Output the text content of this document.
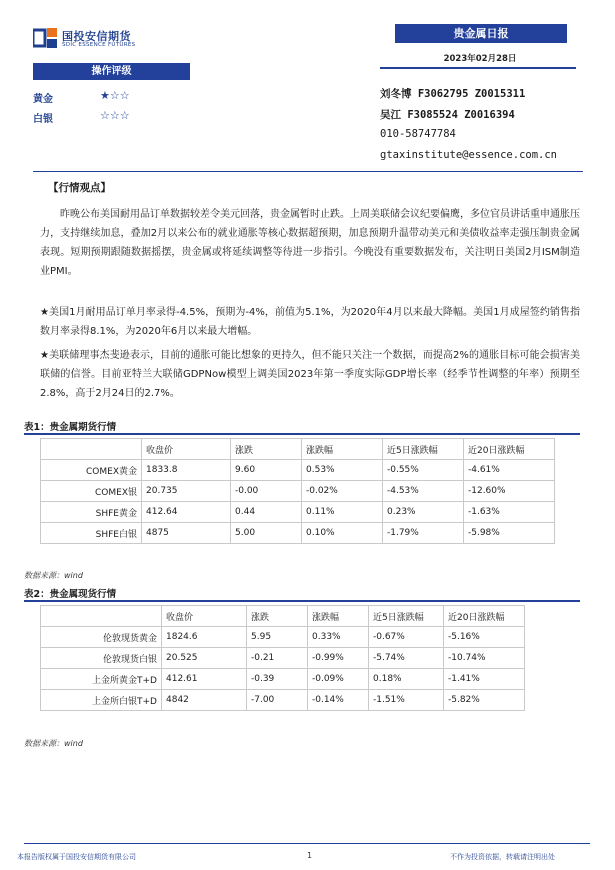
国投安信期货
SDIC ESSENCE FUTURES
贵金属日报
2023年02月28日
操作评级
黄金	★☆☆
白银	☆☆☆
刘冬博 F3062795 Z0015311
吴江 F3085524 Z0016394
010-58747784
gtaxinstitute@essence.com.cn
【行情观点】
昨晚公布美国耐用品订单数据较差令美元回落，贵金属暂时止跌。上周美联储会议纪要偏鹰，多位官员讲话重申通胀压力，支持继续加息，叠加2月以来公布的就业通胀等核心数据超预期，加息预期升温带动美元和美债收益率走强压制贵金属表现。短期预期跟随数据摇摆，贵金属或将延续调整等待进一步指引。今晚没有重要数据发布，关注明日美国2月ISM制造业PMI。
★美国1月耐用品订单月率录得-4.5%，预期为-4%，前值为5.1%，为2020年4月以来最大降幅。美国1月成屋签约销售指数月率录得8.1%，为2020年6月以来最大增幅。
★美联储理事杰斐逊表示，目前的通胀可能比想象的更持久，但不能只关注一个数据，而提高2%的通胀目标可能会损害美联储的信誉。目前亚特兰大联储GDPNow模型上调美国2023年第一季度实际GDP增长率（经季节性调整的年率）预期至2.8%，高于2月24日的2.7%。
表1：贵金属期货行情
	收盘价	涨跌	涨跌幅	近5日涨跌幅	近20日涨跌幅
COMEX黄金	1833.8	9.60	0.53%	-0.55%	-4.61%
COMEX银	20.735	-0.00	-0.02%	-4.53%	-12.60%
SHFE黄金	412.64	0.44	0.11%	0.23%	-1.63%
SHFE白银	4875	5.00	0.10%	-1.79%	-5.98%
数据来源：wind
表2：贵金属现货行情
	收盘价	涨跌	涨跌幅	近5日涨跌幅	近20日涨跌幅
伦敦现货黄金	1824.6	5.95	0.33%	-0.67%	-5.16%
伦敦现货白银	20.525	-0.21	-0.99%	-5.74%	-10.74%
上金所黄金T+D	412.61	-0.39	-0.09%	0.18%	-1.41%
上金所白银T+D	4842	-7.00	-0.14%	-1.51%	-5.82%
数据来源：wind
本报告版权属于国投安信期货有限公司	1	不作为投资依据，转载请注明出处
